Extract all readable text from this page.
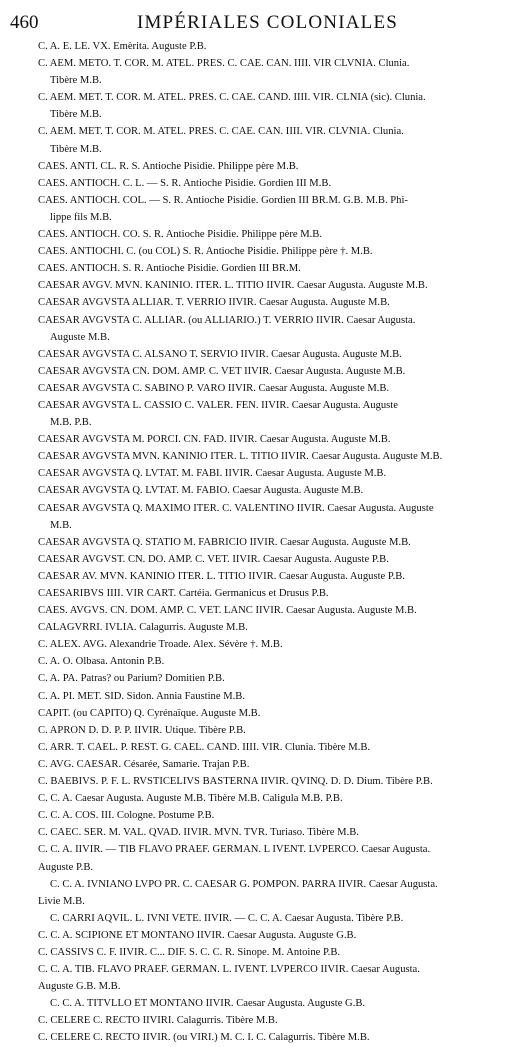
460	IMPÉRIALES COLONIALES
C. A. E. LE. VX. Emèrita. Auguste P.B.
C. AEM. METO. T. COR. M. ATEL. PRES. C. CAE. CAN. IIII. VIR CLVNIA. Clunia.
Tibère M.B.
C. AEM. MET. T. COR. M. ATEL. PRES. C. CAE. CAND. IIII. VIR. CLNIA (sic). Clunia.
Tibère M.B.
C. AEM. MET. T. COR. M. ATEL. PRES. C. CAE. CAN. IIII. VIR. CLVNIA. Clunia.
Tibère M.B.
CAES. ANTI. CL. R. S. Antioche Pisidie. Philippe père M.B.
CAES. ANTIOCH. C. L. — S. R. Antioche Pisidie. Gordien III M.B.
CAES. ANTIOCH. COL. — S. R. Antioche Pisidie. Gordien III BR.M. G.B. M.B. Phi-
lippe fils M.B.
CAES. ANTIOCH. CO. S. R. Antioche Pisidie. Philippe père M.B.
CAES. ANTIOCHI. C. (ou COL) S. R. Antioche Pisidie. Philippe père †. M.B.
CAES. ANTIOCH. S. R. Antioche Pisidie. Gordien III BR.M.
CAESAR AVGV. MVN. KANINIO. ITER. L. TITIO IIVIR. Caesar Augusta. Auguste M.B.
CAESAR AVGVSTA ALLIAR. T. VERRIO IIVIR. Caesar Augusta. Auguste M.B.
CAESAR AVGVSTA C. ALLIAR. (ou ALLIARIO.) T. VERRIO IIVIR. Caesar Augusta.
Auguste M.B.
CAESAR AVGVSTA C. ALSANO T. SERVIO IIVIR. Caesar Augusta. Auguste M.B.
CAESAR AVGVSTA CN. DOM. AMP. C. VET IIVIR. Caesar Augusta. Auguste M.B.
CAESAR AVGVSTA C. SABINO P. VARO IIVIR. Caesar Augusta. Auguste M.B.
CAESAR AVGVSTA L. CASSIO C. VALER. FEN. IIVIR. Caesar Augusta. Auguste
M.B. P.B.
CAESAR AVGVSTA M. PORCI. CN. FAD. IIVIR. Caesar Augusta. Auguste M.B.
CAESAR AVGVSTA MVN. KANINIO ITER. L. TITIO IIVIR. Caesar Augusta. Auguste M.B.
CAESAR AVGVSTA Q. LVTAT. M. FABI. IIVIR. Caesar Augusta. Auguste M.B.
CAESAR AVGVSTA Q. LVTAT. M. FABIO. Caesar Augusta. Auguste M.B.
CAESAR AVGVSTA Q. MAXIMO ITER. C. VALENTINO IIVIR. Caesar Augusta. Auguste
M.B.
CAESAR AVGVSTA Q. STATIO M. FABRICIO IIVIR. Caesar Augusta. Auguste M.B.
CAESAR AVGVST. CN. DO. AMP. C. VET. IIVIR. Caesar Augusta. Auguste P.B.
CAESAR AV. MVN. KANINIO ITER. L. TITIO IIVIR. Caesar Augusta. Auguste P.B.
CAESARIBVS IIII. VIR CART. Cartéia. Germanicus et Drusus P.B.
CAES. AVGVS. CN. DOM. AMP. C. VET. LANC IIVIR. Caesar Augusta. Auguste M.B.
CALAGVRRI. IVLIA. Calagurris. Auguste M.B.
C. ALEX. AVG. Alexandrie Troade. Alex. Sévère †. M.B.
C. A. O. Olbasa. Antonin P.B.
C. A. PA. Patras? ou Parium? Domitien P.B.
C. A. PI. MET. SID. Sidon. Annia Faustine M.B.
CAPIT. (ou CAPITO) Q. Cyrénaïque. Auguste M.B.
C. APRON D. D. P. P. IIVIR. Utique. Tibère P.B.
C. ARR. T. CAEL. P. REST. G. CAEL. CAND. IIII. VIR. Clunia. Tibère M.B.
C. AVG. CAESAR. Césarée, Samarie. Trajan P.B.
C. BAEBIVS. P. F. L. RVSTICELIVS BASTERNA IIVIR. QVINQ. D. D. Dium. Tibère P.B.
C. C. A. Caesar Augusta. Auguste M.B. Tibère M.B. Caligula M.B. P.B.
C. C. A. COS. III. Cologne. Postume P.B.
C. CAEC. SER. M. VAL. QVAD. IIVIR. MVN. TVR. Turiaso. Tibère M.B.
C. C. A. IIVIR. — TIB FLAVO PRAEF. GERMAN. L IVENT. LVPERCO. Caesar Augusta.
Auguste P.B.
C. C. A. IVNIANO LVPO PR. C. CAESAR G. POMPON. PARRA IIVIR. Caesar Augusta.
Livie M.B.
C. CARRI AQVIL. L. IVNI VETE. IIVIR. — C. C. A. Caesar Augusta. Tibère P.B.
C. C. A. SCIPIONE ET MONTANO IIVIR. Caesar Augusta. Auguste G.B.
C. CASSIVS C. F. IIVIR. C... DIF. S. C. C. R. Sinope. M. Antoine P.B.
C. C. A. TIB. FLAVO PRAEF. GERMAN. L. IVENT. LVPERCO IIVIR. Caesar Augusta.
Auguste G.B. M.B.
C. C. A. TITVLLO ET MONTANO IIVIR. Caesar Augusta. Auguste G.B.
C. CELERE C. RECTO IIVIRI. Calagurris. Tibère M.B.
C. CELERE C. RECTO IIVIR. (ou VIRI.) M. C. I. C. Calagurris. Tibère M.B.
